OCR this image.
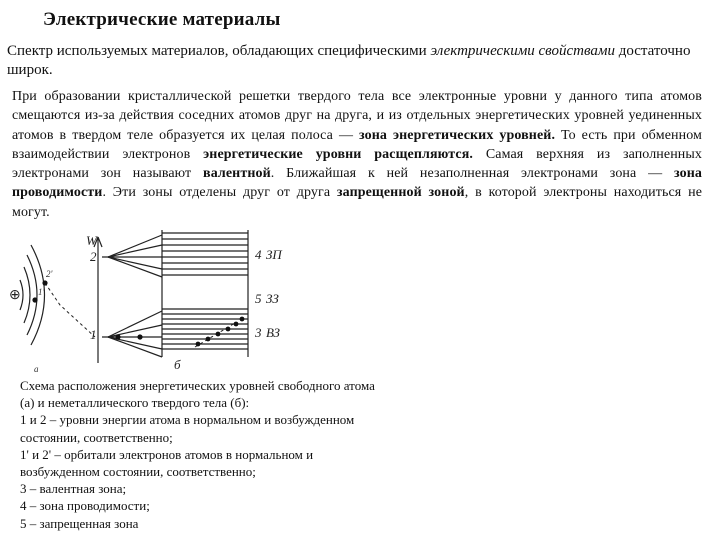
Электрические материалы
Спектр используемых материалов, обладающих специфическими электрическими свойствами достаточно широк.
При образовании кристаллической решетки твердого тела все электронные уровни у данного типа атомов смещаются из-за действия соседних атомов друг на друга, и из отдельных энергетических уровней уединенных атомов в твердом теле образуется их целая полоса — зона энергетических уровней. То есть при обменном взаимодействии электронов энергетические уровни расщепляются. Самая верхняя из заполненных электронами зон называют валентной. Ближайшая к ней незаполненная электронами зона — зона проводимости. Эти зоны отделены друг от друга запрещенной зоной, в которой электроны находиться не могут.
⊕
W
2
1
2'
1'
а	б
4 ЗП
5 ЗЗ
3 ВЗ
Схема расположения энергетических уровней свободного атома
(а) и неметаллического твердого тела (б):
1 и 2 – уровни энергии атома в нормальном и возбужденном
состоянии, соответственно;
1' и 2' – орбитали электронов атомов в нормальном и
возбужденном состоянии, соответственно;
3 – валентная зона;
4 – зона проводимости;
5 – запрещенная зона
